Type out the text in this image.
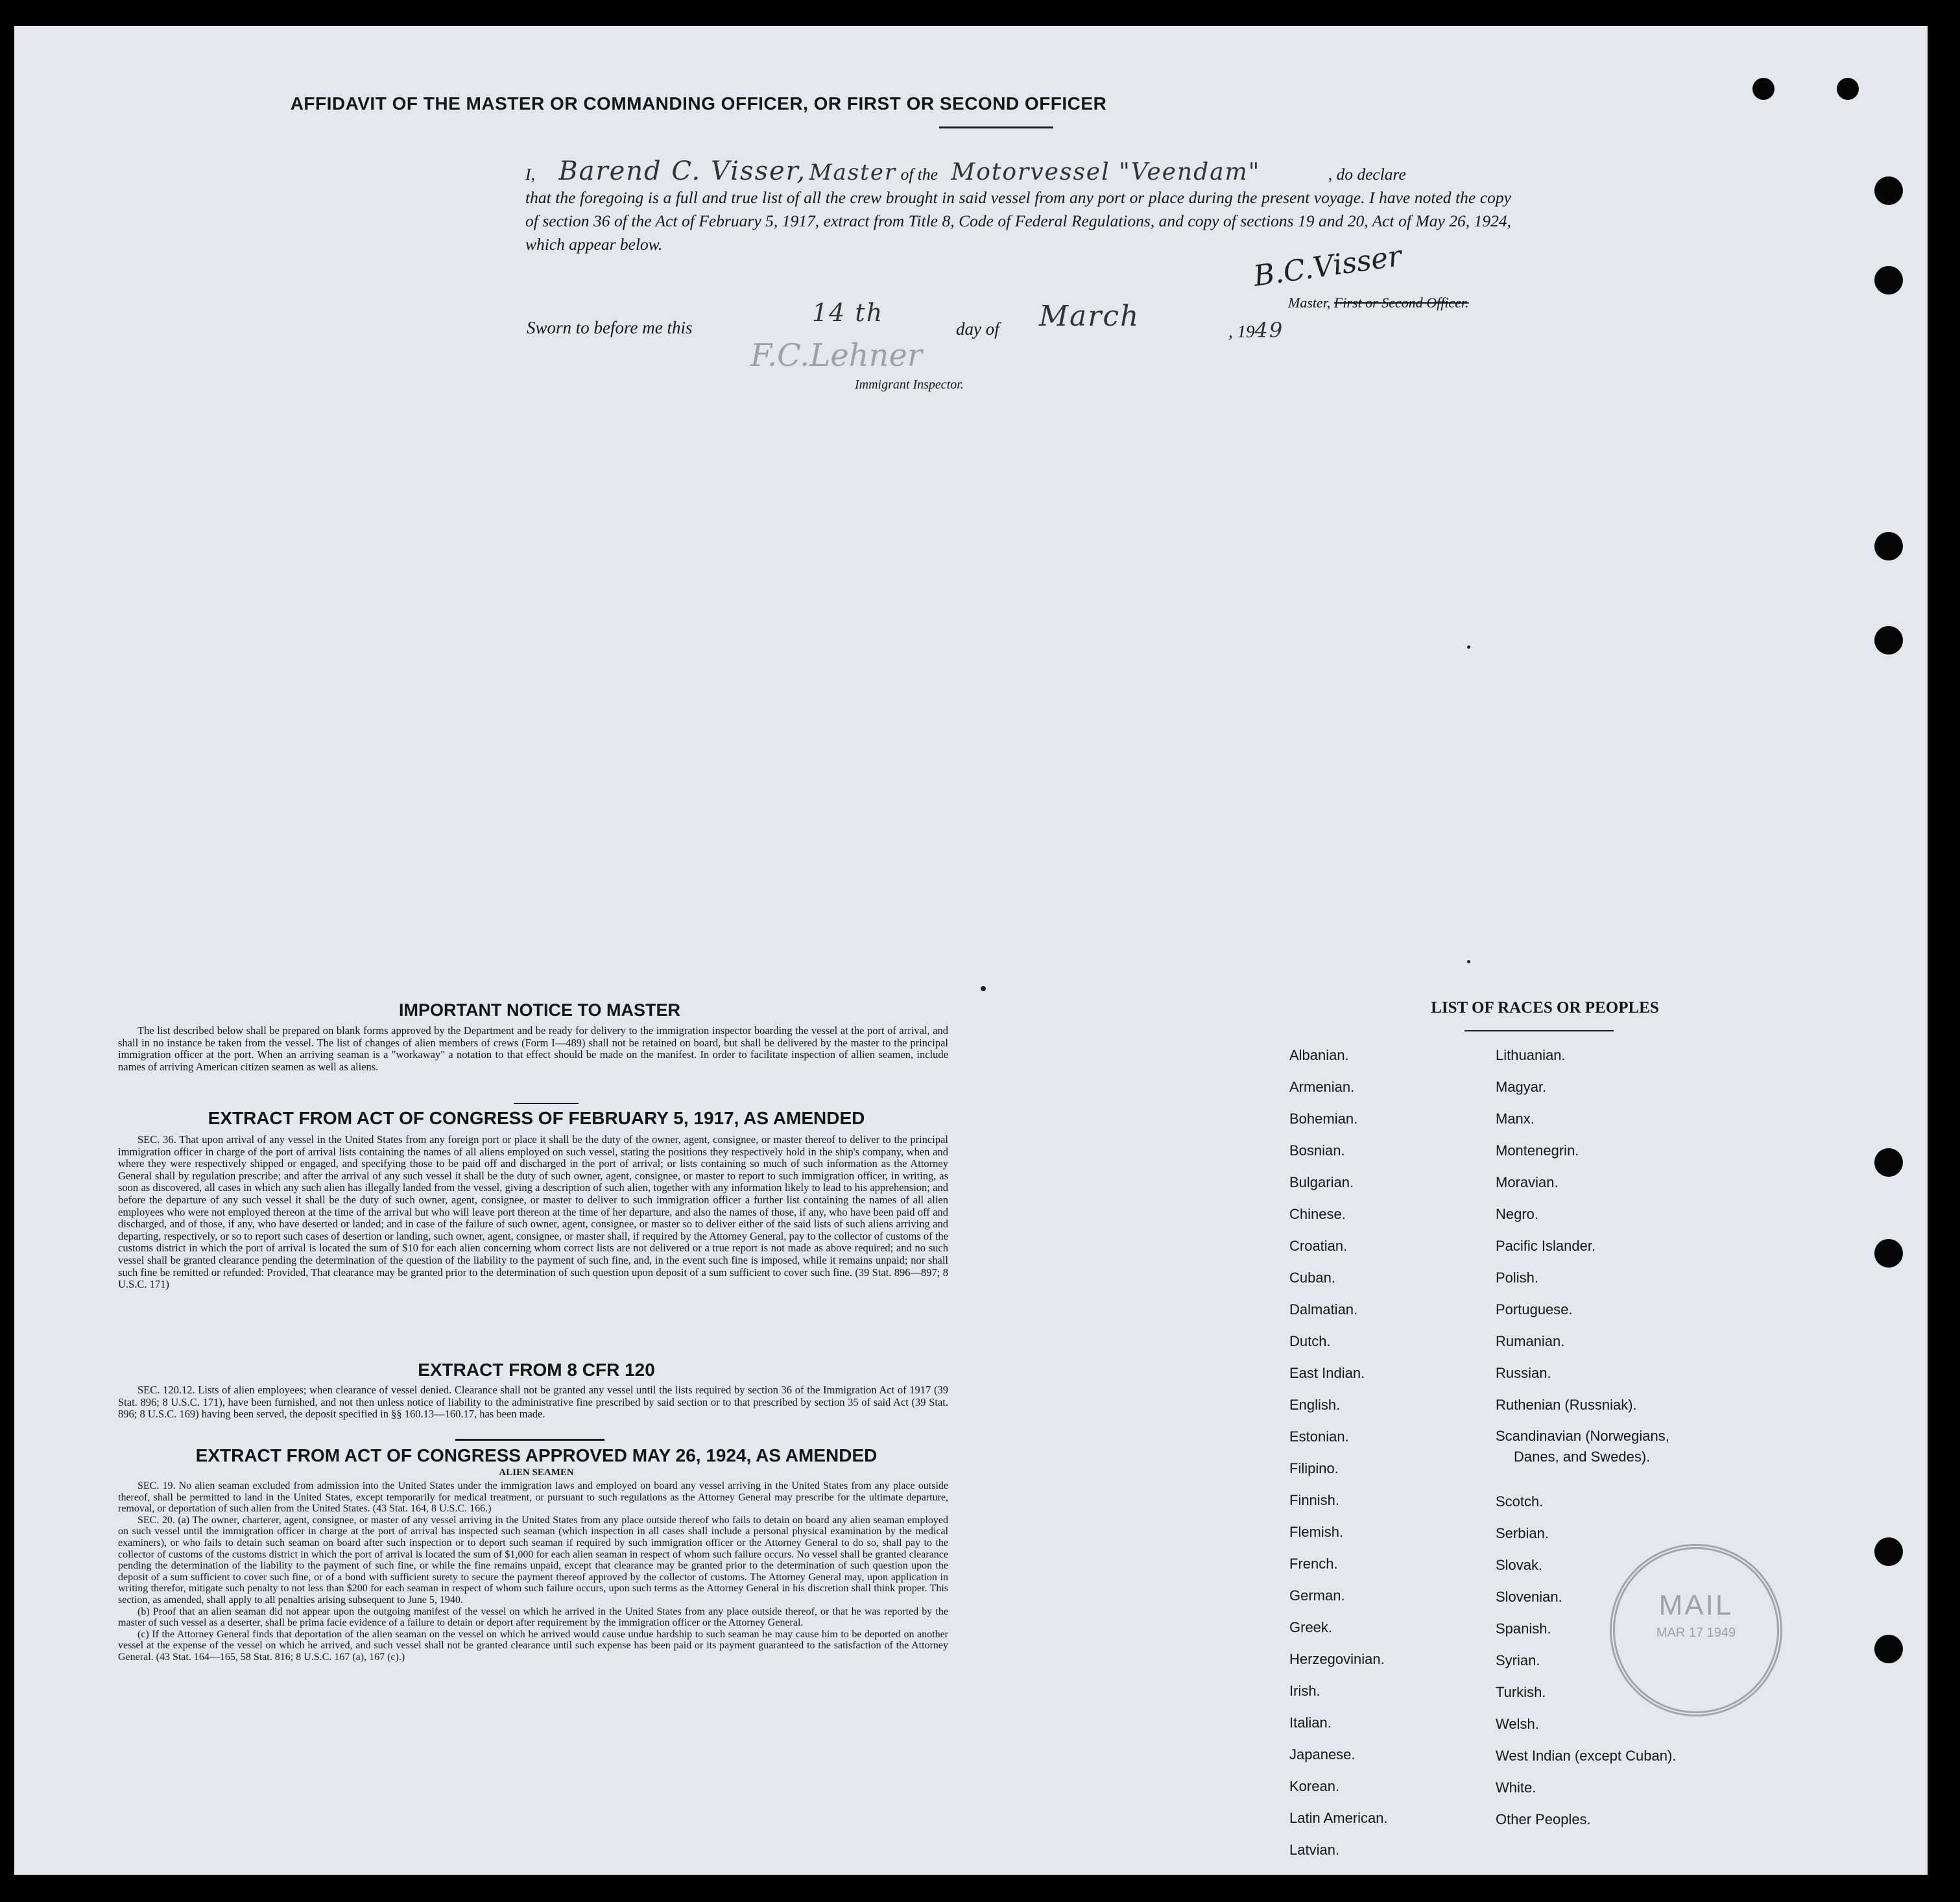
AFFIDAVIT OF THE MASTER OR COMMANDING OFFICER, OR FIRST OR SECOND OFFICER
I, Barend C. Visser, Master of the Motorvessel "Veendam"	, do declare
that the foregoing is a full and true list of all the crew brought in said vessel from any port or place during the present voyage. I have noted the copy of section 36 of the Act of February 5, 1917, extract from Title 8, Code of Federal Regulations, and copy of sections 19 and 20, Act of May 26, 1924, which appear below.	B.C.Visser
Master, First or Second Officer.
Sworn to before me this
14 th
day of March	, 1949
F.C.Lehner
Immigrant Inspector.
IMPORTANT NOTICE TO MASTER

The list described below shall be prepared on blank forms approved by the Department and be ready for delivery to the immigration inspector boarding the vessel at the port of arrival, and shall in no instance be taken from the vessel. The list of changes of alien members of crews (Form I—489) shall not be retained on board, but shall be delivered by the master to the principal immigration officer at the port. When an arriving seaman is a "workaway" a notation to that effect should be made on the manifest. In order to facilitate inspection of allien seamen, include names of arriving American citizen seamen as well as aliens.

EXTRACT FROM ACT OF CONGRESS OF FEBRUARY 5, 1917, AS AMENDED

SEC. 36. That upon arrival of any vessel in the United States from any foreign port or place it shall be the duty of the owner, agent, consignee, or master thereof to deliver to the principal immigration officer in charge of the port of arrival lists containing the names of all aliens employed on such vessel, stating the positions they respectively hold in the ship's company, when and where they were respectively shipped or engaged, and specifying those to be paid off and discharged in the port of arrival; or lists containing so much of such information as the Attorney General shall by regulation prescribe; and after the arrival of any such vessel it shall be the duty of such owner, agent, consignee, or master to report to such immigration officer, in writing, as soon as discovered, all cases in which any such alien has illegally landed from the vessel, giving a description of such alien, together with any information likely to lead to his apprehension; and before the departure of any such vessel it shall be the duty of such owner, agent, consignee, or master to deliver to such immigration officer a further list containing the names of all alien employees who were not employed thereon at the time of the arrival but who will leave port thereon at the time of her departure, and also the names of those, if any, who have been paid off and discharged, and of those, if any, who have deserted or landed; and in case of the failure of such owner, agent, consignee, or master so to deliver either of the said lists of such aliens arriving and departing, respectively, or so to report such cases of desertion or landing, such owner, agent, consignee, or master shall, if required by the Attorney General, pay to the collector of customs of the customs district in which the port of arrival is located the sum of $10 for each alien concerning whom correct lists are not delivered or a true report is not made as above required; and no such vessel shall be granted clearance pending the determination of the question of the liability to the payment of such fine, and, in the event such fine is imposed, while it remains unpaid; nor shall such fine be remitted or refunded: Provided, That clearance may be granted prior to the determination of such question upon deposit of a sum sufficient to cover such fine. (39 Stat. 896—897; 8 U.S.C. 171)

EXTRACT FROM 8 CFR 120

SEC. 120.12. Lists of alien employees; when clearance of vessel denied. Clearance shall not be granted any vessel until the lists required by section 36 of the Immigration Act of 1917 (39 Stat. 896; 8 U.S.C. 171), have been furnished, and not then unless notice of liability to the administrative fine prescribed by said section or to that prescribed by section 35 of said Act (39 Stat. 896; 8 U.S.C. 169) having been served, the deposit specified in §§ 160.13—160.17, has been made.

EXTRACT FROM ACT OF CONGRESS APPROVED MAY 26, 1924, AS AMENDED
ALIEN SEAMEN

SEC. 19. No alien seaman excluded from admission into the United States under the immigration laws and employed on board any vessel arriving in the United States from any place outside thereof, shall be permitted to land in the United States, except temporarily for medical treatment, or pursuant to such regulations as the Attorney General may prescribe for the ultimate departure, removal, or deportation of such alien from the United States. (43 Stat. 164, 8 U.S.C. 166.)

SEC. 20. (a) The owner, charterer, agent, consignee, or master of any vessel arriving in the United States from any place outside thereof who fails to detain on board any alien seaman employed on such vessel until the immigration officer in charge at the port of arrival has inspected such seaman (which inspection in all cases shall include a personal physical examination by the medical examiners), or who fails to detain such seaman on board after such inspection or to deport such seaman if required by such immigration officer or the Attorney General to do so, shall pay to the collector of customs of the customs district in which the port of arrival is located the sum of $1,000 for each alien seaman in respect of whom such failure occurs. No vessel shall be granted clearance pending the determination of the liability to the payment of such fine, or while the fine remains unpaid, except that clearance may be granted prior to the determination of such question upon the deposit of a sum sufficient to cover such fine, or of a bond with sufficient surety to secure the payment thereof approved by the collector of customs. The Attorney General may, upon application in writing therefor, mitigate such penalty to not less than $200 for each seaman in respect of whom such failure occurs, upon such terms as the Attorney General in his discretion shall think proper. This section, as amended, shall apply to all penalties arising subsequent to June 5, 1940.

(b) Proof that an alien seaman did not appear upon the outgoing manifest of the vessel on which he arrived in the United States from any place outside thereof, or that he was reported by the master of such vessel as a deserter, shall be prima facie evidence of a failure to detain or deport after requirement by the immigration officer or the Attorney General.

(c) If the Attorney General finds that deportation of the alien seaman on the vessel on which he arrived would cause undue hardship to such seaman he may cause him to be deported on another vessel at the expense of the vessel on which he arrived, and such vessel shall not be granted clearance until such expense has been paid or its payment guaranteed to the satisfaction of the Attorney General. (43 Stat. 164—165, 58 Stat. 816; 8 U.S.C. 167 (a), 167 (c).)

LIST OF RACES OR PEOPLES
Albanian.
Armenian.
Bohemian.
Bosnian.
Bulgarian.
Chinese.
Croatian.
Cuban.
Dalmatian.
Dutch.
East Indian.
English.
Estonian.
Filipino.
Finnish.
Flemish.
French.
German.
Greek.
Herzegovinian.
Irish.
Italian.
Japanese.
Korean.
Latin American.
Latvian.
Lithuanian.
Magyar.
Manx.
Montenegrin.
Moravian.
Negro.
Pacific Islander.
Polish.
Portuguese.
Rumanian.
Russian.
Ruthenian (Russniak).
Scandinavian (Norwegians,
Danes, and Swedes).
Scotch.
Serbian.
Slovak.
Slovenian.
Spanish.
Syrian.
Turkish.
Welsh.
West Indian (except Cuban).
White.
Other Peoples.
MAIL
MAR 17 1949
